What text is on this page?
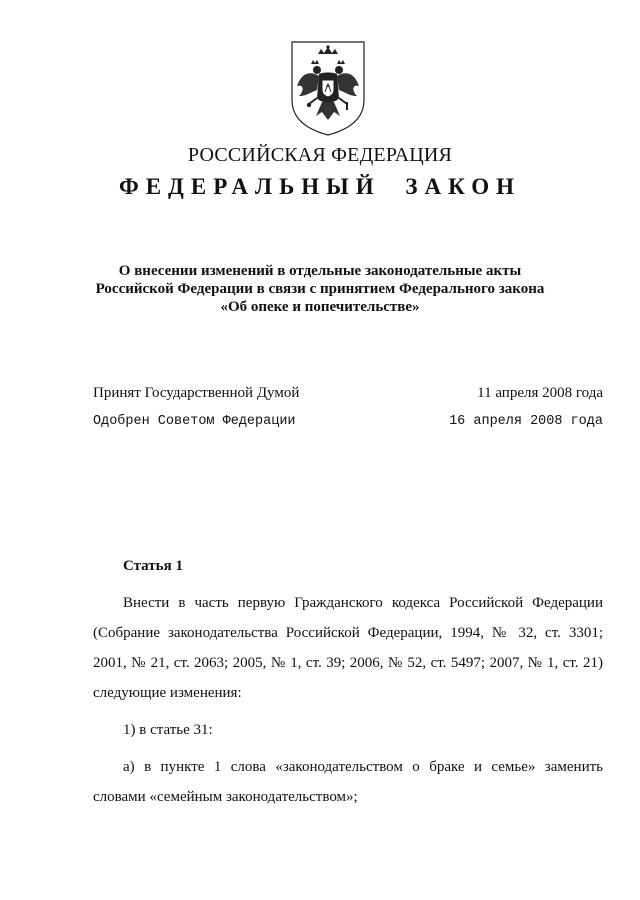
РОССИЙСКАЯ ФЕДЕРАЦИЯ
ФЕДЕРАЛЬНЫЙ ЗАКОН
О внесении изменений в отдельные законодательные акты
Российской Федерации в связи с принятием Федерального закона
«Об опеке и попечительстве»
Принят Государственной Думой	11 апреля 2008 года
Одобрен Советом Федерации	16 апреля 2008 года
Статья 1
Внести в часть первую Гражданского кодекса Российской Федерации
(Собрание законодательства Российской Федерации, 1994, № 32, ст. 3301;
2001, № 21, ст. 2063; 2005, № 1, ст. 39; 2006, № 52, ст. 5497; 2007, № 1, ст. 21)
следующие изменения:
1) в статье 31:
а) в пункте 1 слова «законодательством о браке и семье» заменить
словами «семейным законодательством»;
